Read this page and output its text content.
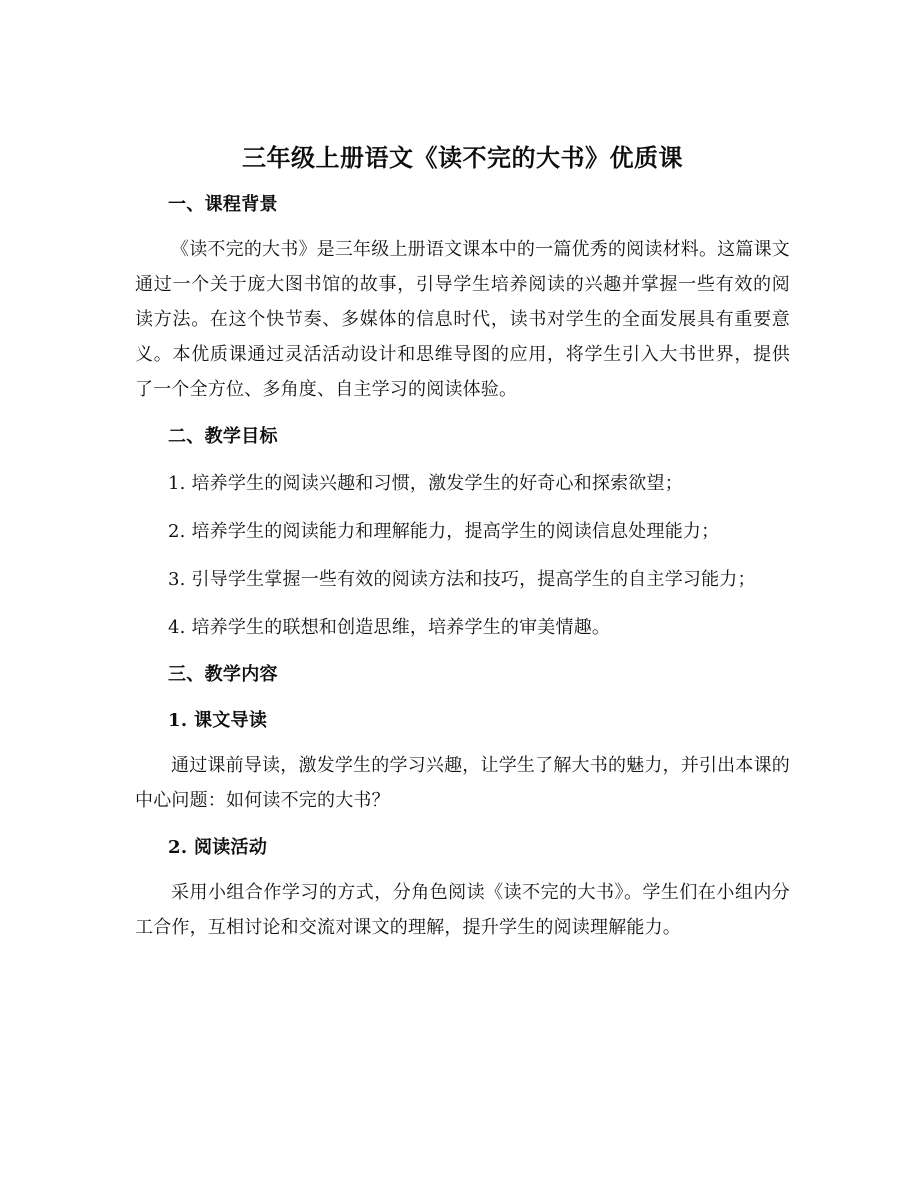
三年级上册语文《读不完的大书》优质课
一、课程背景

《读不完的大书》是三年级上册语文课本中的一篇优秀的阅读材料。这篇课文通过一个关于庞大图书馆的故事，引导学生培养阅读的兴趣并掌握一些有效的阅读方法。在这个快节奏、多媒体的信息时代，读书对学生的全面发展具有重要意义。本优质课通过灵活活动设计和思维导图的应用，将学生引入大书世界，提供了一个全方位、多角度、自主学习的阅读体验。

二、教学目标

1. 培养学生的阅读兴趣和习惯，激发学生的好奇心和探索欲望；

2. 培养学生的阅读能力和理解能力，提高学生的阅读信息处理能力；

3. 引导学生掌握一些有效的阅读方法和技巧，提高学生的自主学习能力；

4. 培养学生的联想和创造思维，培养学生的审美情趣。

三、教学内容
1. 课文导读

通过课前导读，激发学生的学习兴趣，让学生了解大书的魅力，并引出本课的中心问题：如何读不完的大书？

2. 阅读活动

采用小组合作学习的方式，分角色阅读《读不完的大书》。学生们在小组内分工合作，互相讨论和交流对课文的理解，提升学生的阅读理解能力。
